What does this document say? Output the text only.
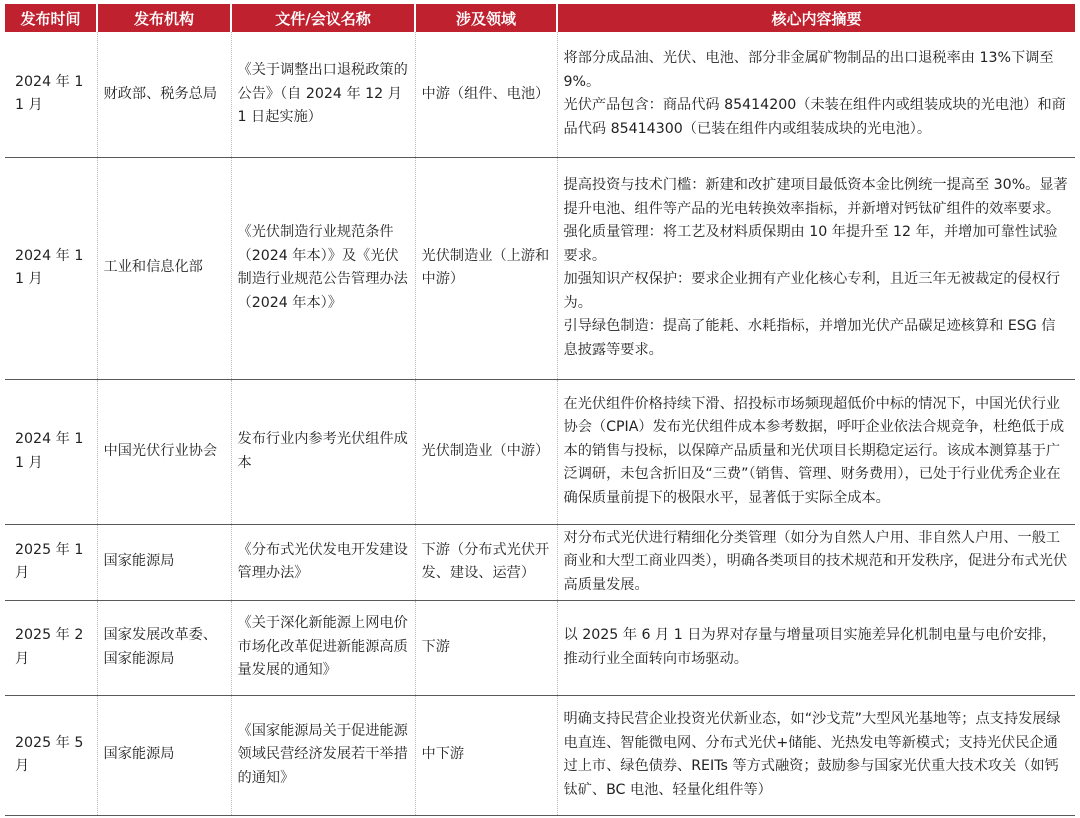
发布时间	发布机构	文件/会议名称	涉及领域	核心内容摘要
2024 年 11 月	财政部、税务总局	《关于调整出口退税政策的公告》（自 2024 年 12 月 1 日起实施）	中游（组件、电池）	将部分成品油、光伏、电池、部分非金属矿物制品的出口退税率由 13%下调至 9%。

光伏产品包含：商品代码 85414200（未装在组件内或组装成块的光电池）和商品代码 85414300（已装在组件内或组装成块的光电池）。

2024 年 11 月	工业和信息化部	《光伏制造行业规范条件（2024 年本）》及《光伏制造行业规范公告管理办法（2024 年本）》	光伏制造业（上游和中游）	提高投资与技术门槛：新建和改扩建项目最低资本金比例统一提高至 30%。显著提升电池、组件等产品的光电转换效率指标，并新增对钙钛矿组件的效率要求。

强化质量管理：将工艺及材料质保期由 10 年提升至 12 年，并增加可靠性试验要求。

加强知识产权保护：要求企业拥有产业化核心专利，且近三年无被裁定的侵权行为。

引导绿色制造：提高了能耗、水耗指标，并增加光伏产品碳足迹核算和 ESG 信息披露等要求。

2024 年 11 月	中国光伏行业协会	发布行业内参考光伏组件成本	光伏制造业（中游）	在光伏组件价格持续下滑、招投标市场频现超低价中标的情况下，中国光伏行业协会（CPIA）发布光伏组件成本参考数据，呼吁企业依法合规竞争，杜绝低于成本的销售与投标，以保障产品质量和光伏项目长期稳定运行。该成本测算基于广泛调研，未包含折旧及“三费”（销售、管理、财务费用），已处于行业优秀企业在确保质量前提下的极限水平，显著低于实际全成本。

2025 年 1 月	国家能源局	《分布式光伏发电开发建设管理办法》	下游（分布式光伏开发、建设、运营）	对分布式光伏进行精细化分类管理（如分为自然人户用、非自然人户用、一般工商业和大型工商业四类），明确各类项目的技术规范和开发秩序，促进分布式光伏高质量发展。

2025 年 2 月	国家发展改革委、国家能源局	《关于深化新能源上网电价市场化改革促进新能源高质量发展的通知》	下游	以 2025 年 6 月 1 日为界对存量与增量项目实施差异化机制电量与电价安排，推动行业全面转向市场驱动。

2025 年 5 月	国家能源局	《国家能源局关于促进能源领域民营经济发展若干举措的通知》	中下游	明确支持民营企业投资光伏新业态，如“沙戈荒”大型风光基地等；点支持发展绿电直连、智能微电网、分布式光伏+储能、光热发电等新模式；支持光伏民企通过上市、绿色债券、REITs 等方式融资；鼓励参与国家光伏重大技术攻关（如钙钛矿、BC 电池、轻量化组件等）
